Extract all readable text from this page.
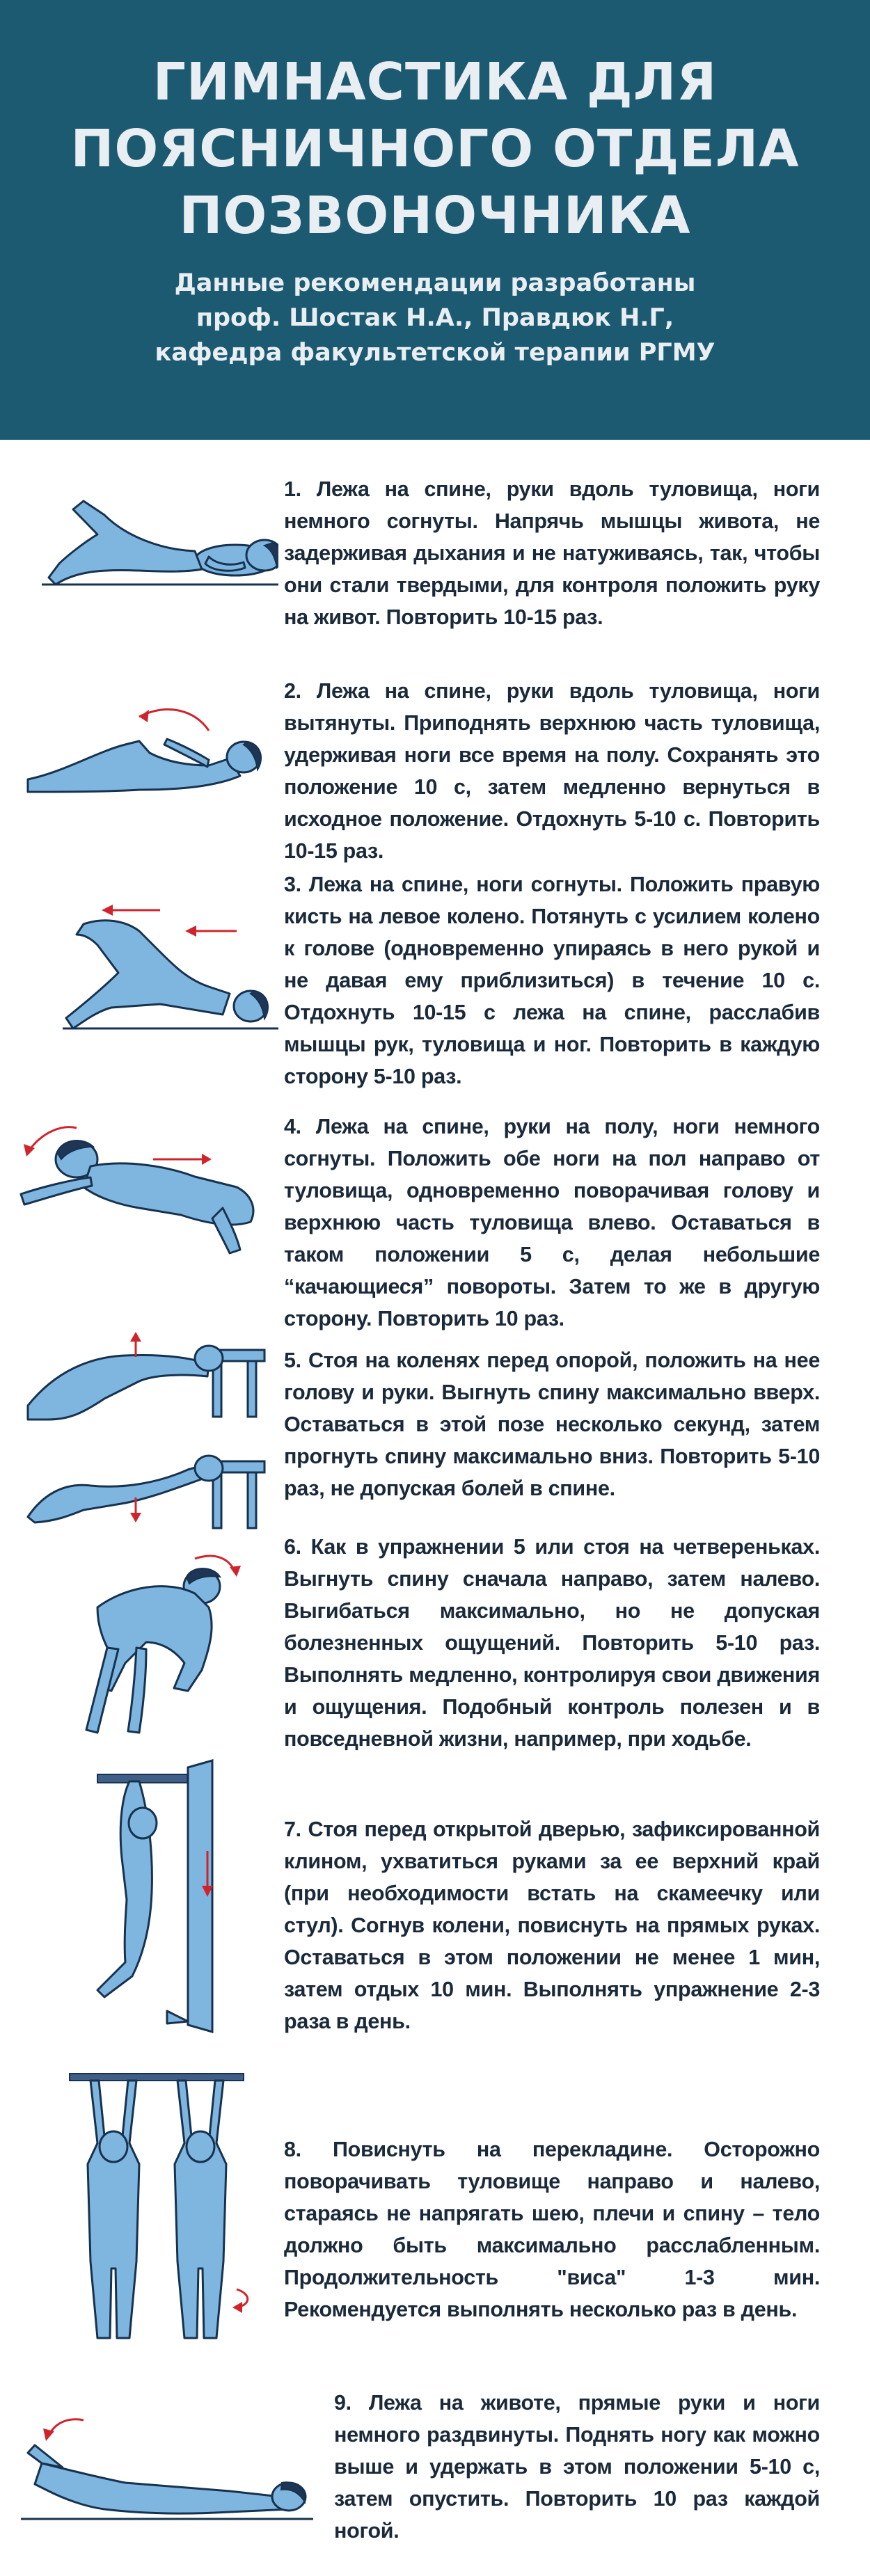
ГИМНАСТИКА ДЛЯ
ПОЯСНИЧНОГО ОТДЕЛА
ПОЗВОНОЧНИКА
Данные рекомендации разработаны
проф. Шостак Н.А., Правдюк Н.Г,
кафедра факультетской терапии РГМУ

1. Лежа на спине, руки вдоль туловища, ноги немного согнуты. Напрячь мышцы живота, не задерживая дыхания и не натуживаясь, так, чтобы они стали твердыми, для контроля положить руку на живот. Повторить 10-15 раз.

2. Лежа на спине, руки вдоль туловища, ноги вытянуты. Приподнять верхнюю часть туловища, удерживая ноги все время на полу. Сохранять это положение 10 с, затем медленно вернуться в исходное положение. Отдохнуть 5-10 с. Повторить 10-15 раз.

3. Лежа на спине, ноги согнуты. Положить правую кисть на левое колено. Потянуть с усилием колено к голове (одновременно упираясь в него рукой и не давая ему приблизиться) в течение 10 с. Отдохнуть 10-15 с лежа на спине, расслабив мышцы рук, туловища и ног. Повторить в каждую сторону 5-10 раз.

4. Лежа на спине, руки на полу, ноги немного согнуты. Положить обе ноги на пол направо от туловища, одновременно поворачивая голову и верхнюю часть туловища влево. Оставаться в таком положении 5 с, делая небольшие “качающиеся” повороты. Затем то же в другую сторону. Повторить 10 раз.

5. Стоя на коленях перед опорой, положить на нее голову и руки. Выгнуть спину максимально вверх. Оставаться в этой позе несколько секунд, затем прогнуть спину максимально вниз. Повторить 5-10 раз, не допуская болей в спине.

6. Как в упражнении 5 или стоя на четвереньках. Выгнуть спину сначала направо, затем налево. Выгибаться максимально, но не допуская болезненных ощущений. Повторить 5-10 раз. Выполнять медленно, контролируя свои движения и ощущения. Подобный контроль полезен и в повседневной жизни, например, при ходьбе.

7. Стоя перед открытой дверью, зафиксированной клином, ухватиться руками за ее верхний край (при необходимости встать на скамеечку или стул). Согнув колени, повиснуть на прямых руках. Оставаться в этом положении не менее 1 мин, затем отдых 10 мин. Выполнять упражнение 2-3 раза в день.

8. Повиснуть на перекладине. Осторожно поворачивать туловище направо и налево, стараясь не напрягать шею, плечи и спину – тело должно быть максимально расслабленным. Продолжительность "виса" 1-3 мин. Рекомендуется выполнять несколько раз в день.

9. Лежа на животе, прямые руки и ноги немного раздвинуты. Поднять ногу как можно выше и удержать в этом положении 5-10 с, затем опустить. Повторить 10 раз каждой ногой.
